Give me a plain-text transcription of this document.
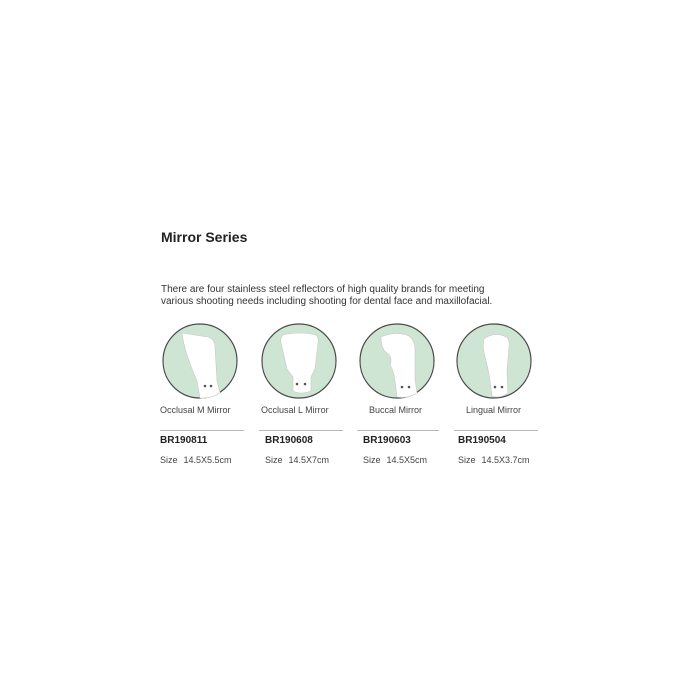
Mirror Series
There are four stainless steel reflectors of high quality brands for meeting
various shooting needs including shooting for dental face and maxillofacial.
Occlusal M Mirror
BR190811
Size 14.5X5.5cm
Occlusal L Mirror
BR190608
Size 14.5X7cm
Buccal Mirror
BR190603
Size 14.5X5cm
Lingual Mirror
BR190504
Size 14.5X3.7cm
